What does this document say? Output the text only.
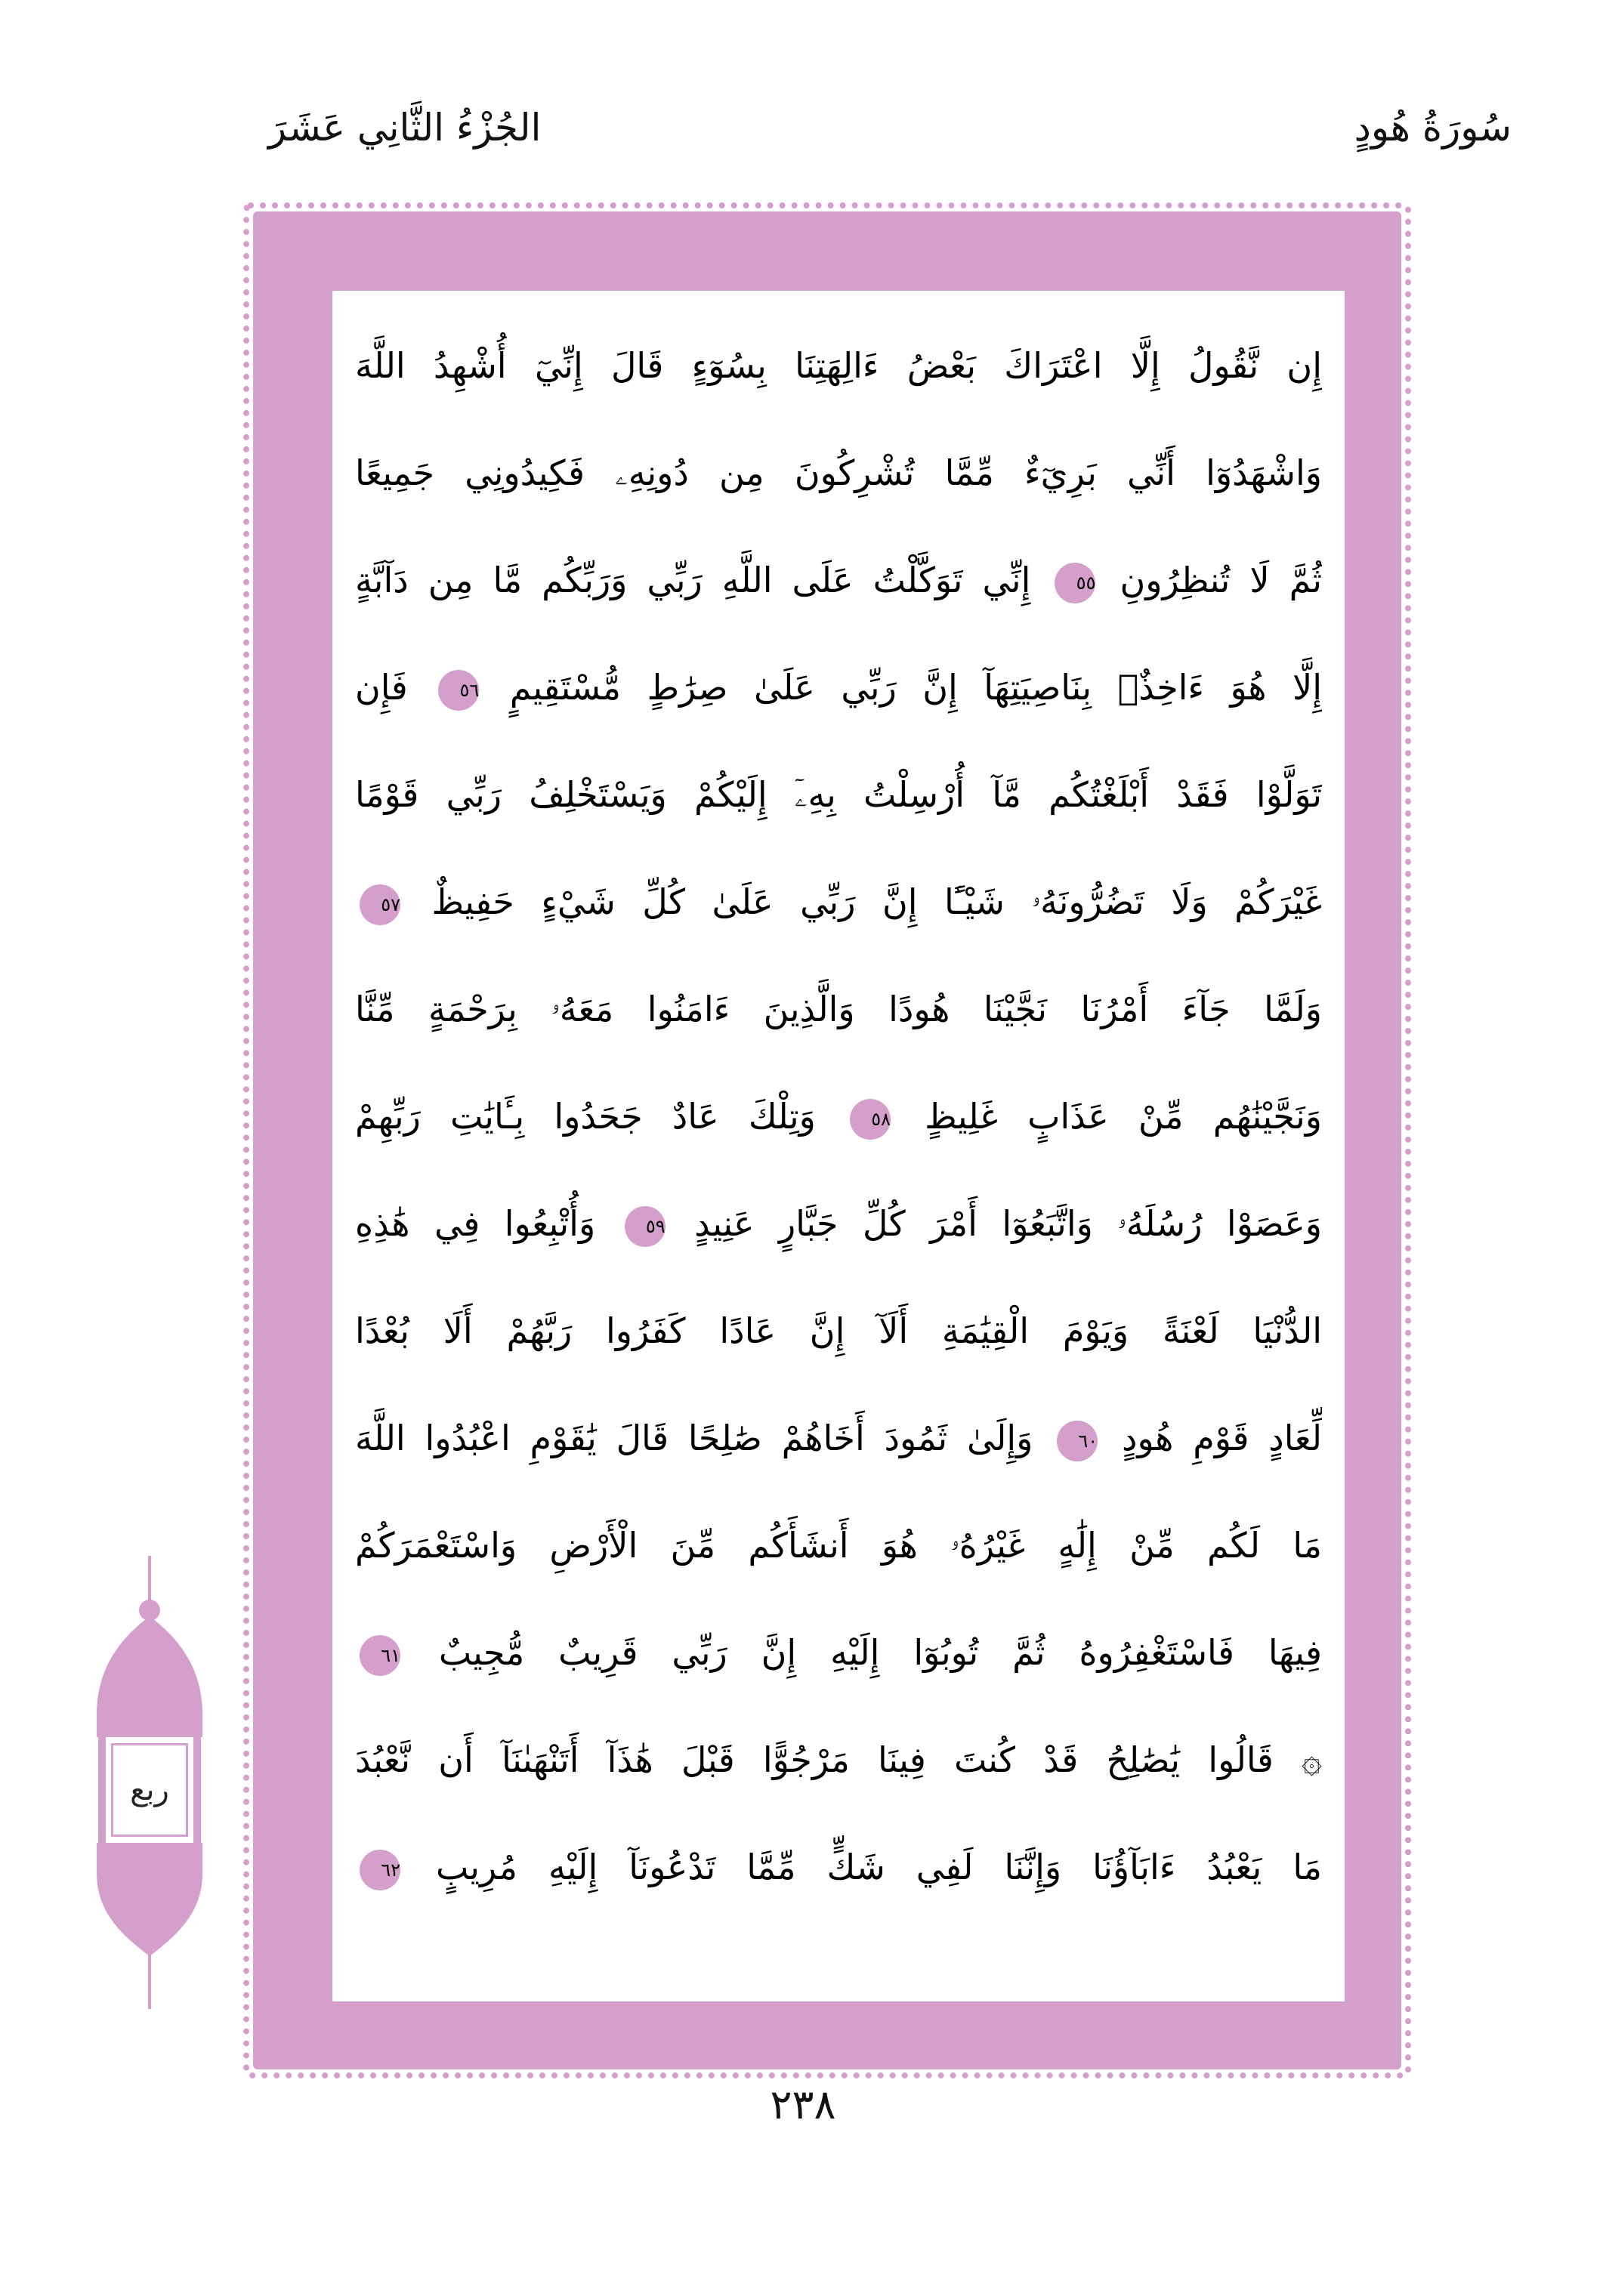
سُورَةُ هُودٍ
الجُزْءُ الثَّانِي عَشَرَ
إِن نَّقُولُ إِلَّا اعْتَرَاكَ بَعْضُ ءَالِهَتِنَا بِسُوٓءٍ قَالَ إِنِّيٓ أُشْهِدُ اللَّهَ
وَاشْهَدُوٓا أَنِّي بَرِيٓءٌ مِّمَّا تُشْرِكُونَ مِن دُونِهِۦ فَكِيدُونِي جَمِيعًا
ثُمَّ لَا تُنظِرُونِ ٥٥ إِنِّي تَوَكَّلْتُ عَلَى اللَّهِ رَبِّي وَرَبِّكُم مَّا مِن دَآبَّةٍ
إِلَّا هُوَ ءَاخِذٌۢ بِنَاصِيَتِهَآ إِنَّ رَبِّي عَلَىٰ صِرَٰطٍ مُّسْتَقِيمٍ ٥٦ فَإِن
تَوَلَّوْا فَقَدْ أَبْلَغْتُكُم مَّآ أُرْسِلْتُ بِهِۦٓ إِلَيْكُمْ وَيَسْتَخْلِفُ رَبِّي قَوْمًا
غَيْرَكُمْ وَلَا تَضُرُّونَهُۥ شَيْـًٔا إِنَّ رَبِّي عَلَىٰ كُلِّ شَيْءٍ حَفِيظٌ ٥٧
وَلَمَّا جَآءَ أَمْرُنَا نَجَّيْنَا هُودًا وَالَّذِينَ ءَامَنُوا مَعَهُۥ بِرَحْمَةٍ مِّنَّا
وَنَجَّيْنَٰهُم مِّنْ عَذَابٍ غَلِيظٍ ٥٨ وَتِلْكَ عَادٌ جَحَدُوا بِـَٔايَٰتِ رَبِّهِمْ
وَعَصَوْا رُسُلَهُۥ وَاتَّبَعُوٓا أَمْرَ كُلِّ جَبَّارٍ عَنِيدٍ ٥٩ وَأُتْبِعُوا فِي هَٰذِهِ
الدُّنْيَا لَعْنَةً وَيَوْمَ الْقِيَٰمَةِ أَلَآ إِنَّ عَادًا كَفَرُوا رَبَّهُمْ أَلَا بُعْدًا
لِّعَادٍ قَوْمِ هُودٍ ٦٠ وَإِلَىٰ ثَمُودَ أَخَاهُمْ صَٰلِحًا قَالَ يَٰقَوْمِ اعْبُدُوا اللَّهَ
مَا لَكُم مِّنْ إِلَٰهٍ غَيْرُهُۥ هُوَ أَنشَأَكُم مِّنَ الْأَرْضِ وَاسْتَعْمَرَكُمْ
فِيهَا فَاسْتَغْفِرُوهُ ثُمَّ تُوبُوٓا إِلَيْهِ إِنَّ رَبِّي قَرِيبٌ مُّجِيبٌ ٦١
۞ قَالُوا يَٰصَٰلِحُ قَدْ كُنتَ فِينَا مَرْجُوًّا قَبْلَ هَٰذَآ أَتَنْهَىٰنَآ أَن نَّعْبُدَ
مَا يَعْبُدُ ءَابَآؤُنَا وَإِنَّنَا لَفِي شَكٍّ مِّمَّا تَدْعُونَآ إِلَيْهِ مُرِيبٍ ٦٢
ربع
٢٣٨
